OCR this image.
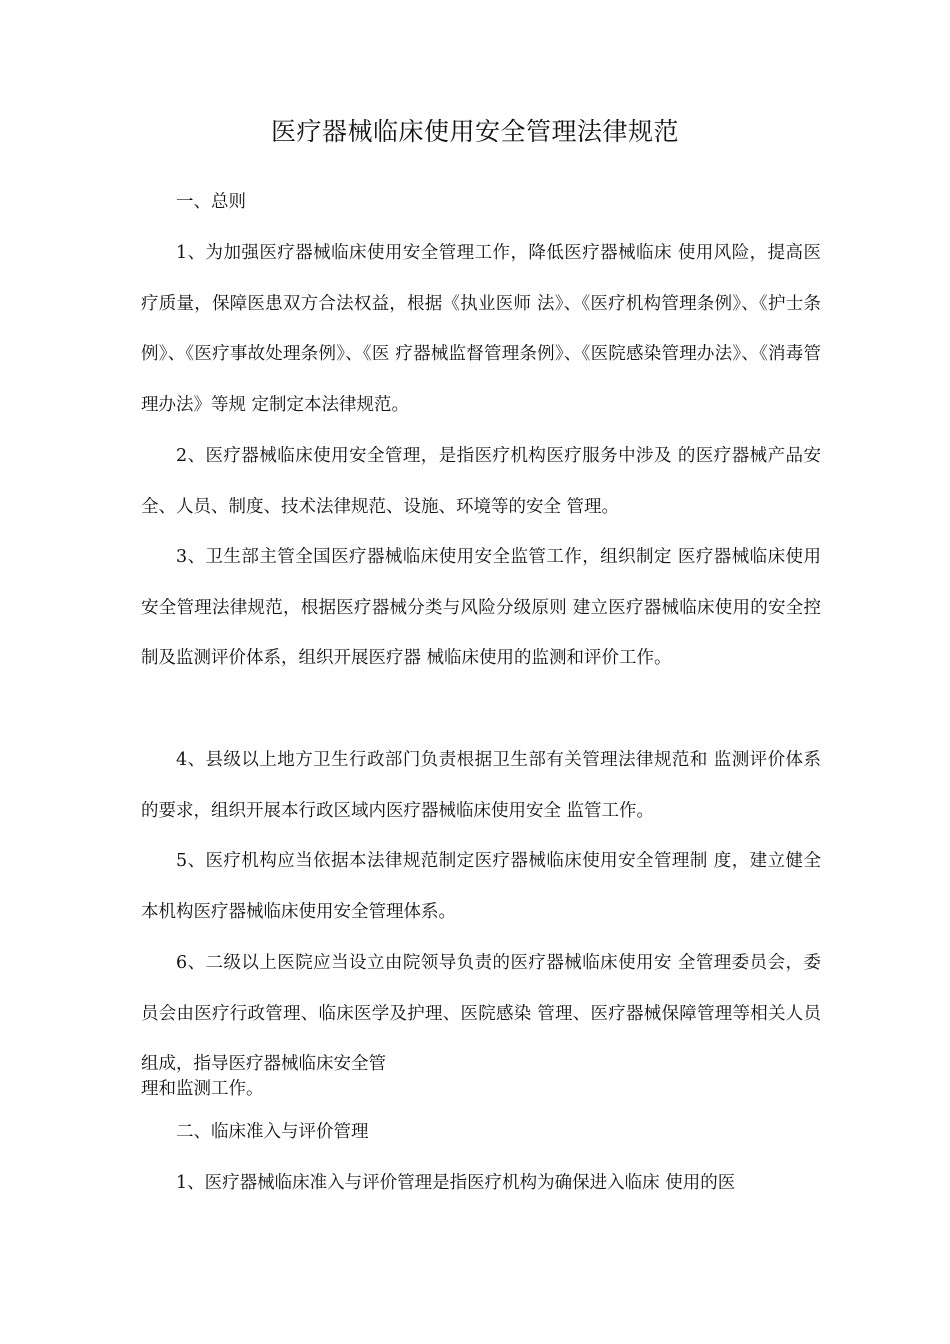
医疗器械临床使用安全管理法律规范

一、总则

1、为加强医疗器械临床使用安全管理工作，降低医疗器械临床 使用风险，提高医疗质量，保障医患双方合法权益，根据《执业医师 法》、《医疗机构管理条例》、《护士条例》、《医疗事故处理条例》、《医 疗器械监督管理条例》、《医院感染管理办法》、《消毒管理办法》等规 定制定本法律规范。

2、医疗器械临床使用安全管理，是指医疗机构医疗服务中涉及 的医疗器械产品安全、人员、制度、技术法律规范、设施、环境等的安全 管理。

3、卫生部主管全国医疗器械临床使用安全监管工作，组织制定 医疗器械临床使用安全管理法律规范，根据医疗器械分类与风险分级原则 建立医疗器械临床使用的安全控制及监测评价体系，组织开展医疗器 械临床使用的监测和评价工作。

4、县级以上地方卫生行政部门负责根据卫生部有关管理法律规范和 监测评价体系的要求，组织开展本行政区域内医疗器械临床使用安全 监管工作。

5、医疗机构应当依据本法律规范制定医疗器械临床使用安全管理制 度，建立健全本机构医疗器械临床使用安全管理体系。

6、二级以上医院应当设立由院领导负责的医疗器械临床使用安 全管理委员会，委员会由医疗行政管理、临床医学及护理、医院感染 管理、医疗器械保障管理等相关人员组成，指导医疗器械临床安全管

理和监测工作。

二、临床准入与评价管理

1、医疗器械临床准入与评价管理是指医疗机构为确保进入临床 使用的医
